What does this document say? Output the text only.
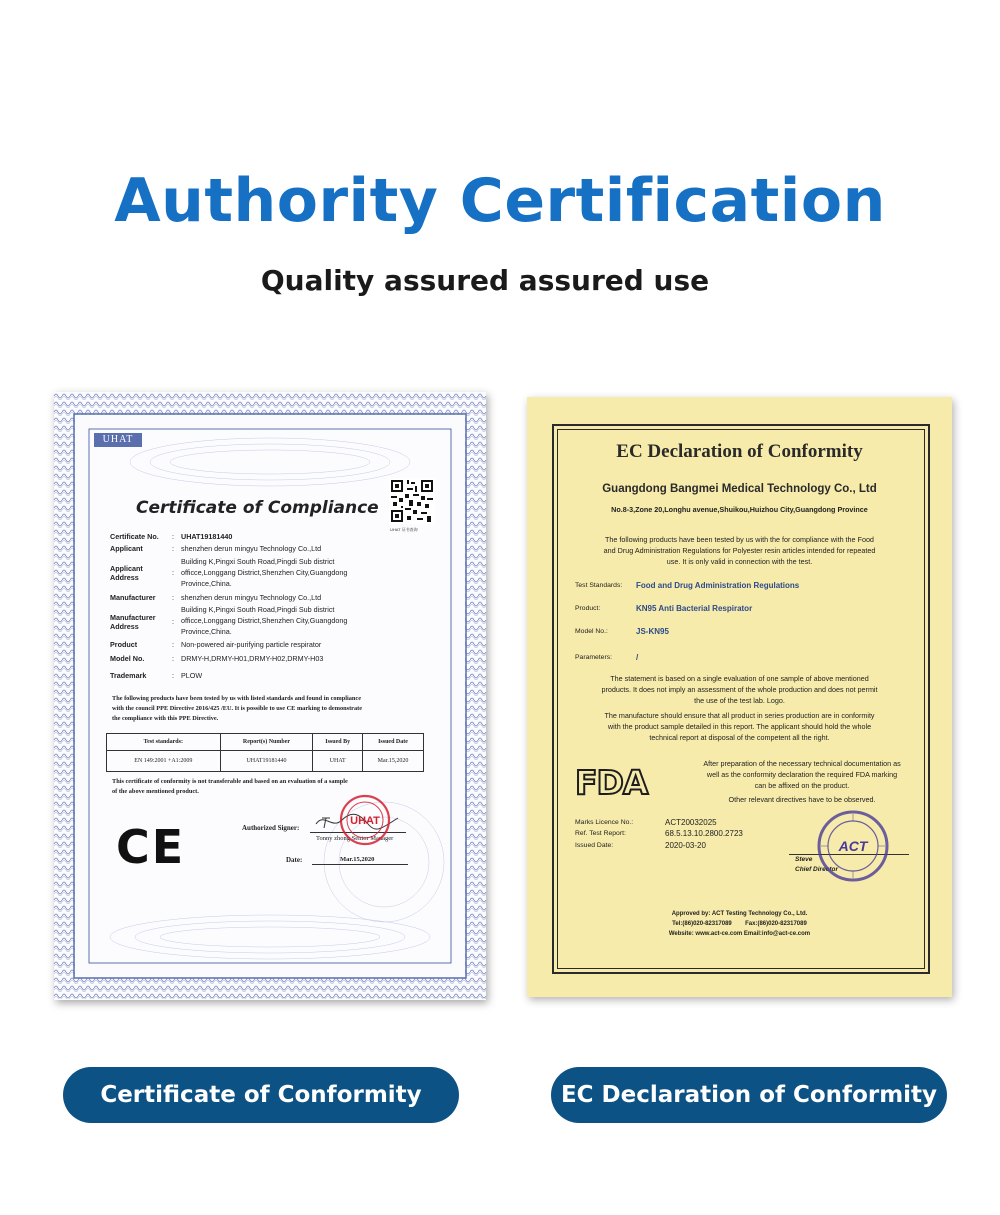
Authority Certification
Quality assured assured use
UHAT
Certificate of Compliance
UHAT 证书查询
Certificate No. : UHAT19181440
Applicant	: shenzhen derun mingyu Technology Co.,Ltd
Applicant Address
:
Building K,Pingxi South Road,Pingdi Sub district
officce,Longgang District,Shenzhen City,Guangdong
Province,China.
Manufacturer : shenzhen derun mingyu Technology Co.,Ltd
Manufacturer Address
:
Building K,Pingxi South Road,Pingdi Sub district
officce,Longgang District,Shenzhen City,Guangdong
Province,China.
Product	: Non-powered air-purifying particle respirator
Model No.	: DRMY-H,DRMY-H01,DRMY-H02,DRMY-H03
Trademark	: PLOW
The following products have been tested by us with listed standards and found in compliance
with the council PPE Directive 2016/425 /EU. It is possible to use CE marking to demonstrate
the compliance with this PPE Directive.
Test standards:	Report(s) Number	Issued By	Issued Date
EN 149:2001 +A1:2009	UHAT19181440	UHAT	Mar.15,2020
This certificate of conformity is not transferable and based on an evaluation of a sample
of the above mentioned product.
CE	Authorized Signer:
Tonny zhong Senior Manager
Date:	Mar.15,2020
UHAT
EC Declaration of Conformity
Guangdong Bangmei Medical Technology Co., Ltd
No.8-3,Zone 20,Longhu avenue,Shuikou,Huizhou City,Guangdong Province
The following products have been tested by us with the for compliance with the Food
and Drug Administration Regulations for Polyester resin articles intended for repeated
use. It is only valid in connection with the test.
Test Standards: Food and Drug Administration Regulations
Product:	KN95 Anti Bacterial Respirator
Model No.:	JS-KN95
Parameters:	/
The statement is based on a single evaluation of one sample of above mentioned
products. It does not imply an assessment of the whole production and does not permit
the use of the test lab. Logo.
The manufacture should ensure that all product in series production are in conformity
with the product sample detailed in this report. The applicant should hold the whole
technical report at disposal of the competent all the right.
FDA	After preparation of the necessary technical documentation as
well as the conformity declaration the required FDA marking
can be affixed on the product.
Other relevant directives have to be observed.
Marks Licence No.:	ACT20032025
Ref. Test Report:	68.5.13.10.2800.2723
Issued Date:	2020-03-20
Steve
Chief Director
ACT
Approved by: ACT Testing Technology Co., Ltd.
Tel:(86)020-82317089        Fax:(86)020-82317089
Website: www.act-ce.com Email:info@act-ce.com
Certificate of Conformity	EC Declaration of Conformity
